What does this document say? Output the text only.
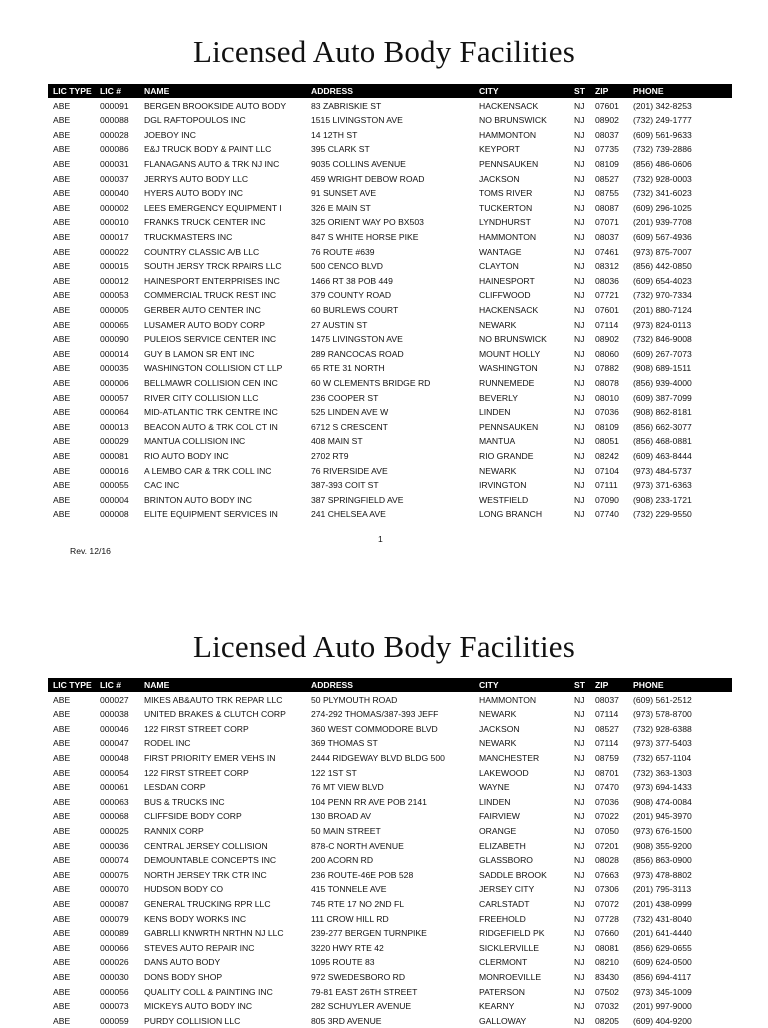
Licensed Auto Body Facilities
LIC TYPE LIC #	NAME	ADDRESS	CITY	ST	ZIP	PHONE
ABE	000091	BERGEN BROOKSIDE AUTO BODY	83 ZABRISKIE ST	HACKENSACK	NJ	07601	(201) 342-8253
ABE	000088	DGL RAFTOPOULOS INC	1515 LIVINGSTON AVE	NO BRUNSWICK	NJ	08902	(732) 249-1777
ABE	000028	JOEBOY INC	14 12TH ST	HAMMONTON	NJ	08037	(609) 561-9633
ABE	000086	E&J TRUCK BODY & PAINT LLC	395 CLARK ST	KEYPORT	NJ	07735	(732) 739-2886
ABE	000031	FLANAGANS AUTO & TRK NJ INC	9035 COLLINS AVENUE	PENNSAUKEN	NJ	08109	(856) 486-0606
ABE	000037	JERRYS AUTO BODY LLC	459 WRIGHT DEBOW ROAD	JACKSON	NJ	08527	(732) 928-0003
ABE	000040	HYERS AUTO BODY INC	91 SUNSET AVE	TOMS RIVER	NJ	08755	(732) 341-6023
ABE	000002	LEES EMERGENCY EQUIPMENT I	326 E MAIN ST	TUCKERTON	NJ	08087	(609) 296-1025
ABE	000010	FRANKS TRUCK CENTER INC	325 ORIENT WAY PO BX503	LYNDHURST	NJ	07071	(201) 939-7708
ABE	000017	TRUCKMASTERS INC	847 S WHITE HORSE PIKE	HAMMONTON	NJ	08037	(609) 567-4936
ABE	000022	COUNTRY CLASSIC A/B LLC	76 ROUTE #639	WANTAGE	NJ	07461	(973) 875-7007
ABE	000015	SOUTH JERSY TRCK RPAIRS LLC	500 CENCO BLVD	CLAYTON	NJ	08312	(856) 442-0850
ABE	000012	HAINESPORT ENTERPRISES INC	1466 RT 38 POB 449	HAINESPORT	NJ	08036	(609) 654-4023
ABE	000053	COMMERCIAL TRUCK REST INC	379 COUNTY ROAD	CLIFFWOOD	NJ	07721	(732) 970-7334
ABE	000005	GERBER AUTO CENTER INC	60 BURLEWS COURT	HACKENSACK	NJ	07601	(201) 880-7124
ABE	000065	LUSAMER AUTO BODY CORP	27 AUSTIN ST	NEWARK	NJ	07114	(973) 824-0113
ABE	000090	PULEIOS SERVICE CENTER INC	1475 LIVINGSTON AVE	NO BRUNSWICK	NJ	08902	(732) 846-9008
ABE	000014	GUY B LAMON SR ENT INC	289 RANCOCAS ROAD	MOUNT HOLLY	NJ	08060	(609) 267-7073
ABE	000035	WASHINGTON COLLISION CT LLP	65 RTE 31 NORTH	WASHINGTON	NJ	07882	(908) 689-1511
ABE	000006	BELLMAWR COLLISION CEN INC	60 W CLEMENTS BRIDGE RD	RUNNEMEDE	NJ	08078	(856) 939-4000
ABE	000057	RIVER CITY COLLISION LLC	236 COOPER ST	BEVERLY	NJ	08010	(609) 387-7099
ABE	000064	MID-ATLANTIC TRK CENTRE INC	525 LINDEN AVE W	LINDEN	NJ	07036	(908) 862-8181
ABE	000013	BEACON AUTO & TRK COL CT IN	6712 S CRESCENT	PENNSAUKEN	NJ	08109	(856) 662-3077
ABE	000029	MANTUA COLLISION INC	408 MAIN ST	MANTUA	NJ	08051	(856) 468-0881
ABE	000081	RIO AUTO BODY INC	2702 RT9	RIO GRANDE	NJ	08242	(609) 463-8444
ABE	000016	A LEMBO CAR & TRK COLL INC	76 RIVERSIDE AVE	NEWARK	NJ	07104	(973) 484-5737
ABE	000055	CAC INC	387-393 COIT ST	IRVINGTON	NJ	07111	(973) 371-6363
ABE	000004	BRINTON AUTO BODY INC	387 SPRINGFIELD AVE	WESTFIELD	NJ	07090	(908) 233-1721
ABE	000008	ELITE EQUIPMENT SERVICES IN	241 CHELSEA AVE	LONG BRANCH	NJ	07740	(732) 229-9550
1
Rev. 12/16
Licensed Auto Body Facilities
LIC TYPE LIC #	NAME	ADDRESS	CITY	ST	ZIP	PHONE
ABE	000027	MIKES AB&AUTO TRK REPAR LLC	50 PLYMOUTH ROAD	HAMMONTON	NJ	08037	(609) 561-2512
ABE	000038	UNITED BRAKES & CLUTCH CORP	274-292 THOMAS/387-393 JEFF	NEWARK	NJ	07114	(973) 578-8700
ABE	000046	122 FIRST STREET CORP	360 WEST COMMODORE BLVD	JACKSON	NJ	08527	(732) 928-6388
ABE	000047	RODEL INC	369 THOMAS ST	NEWARK	NJ	07114	(973) 377-5403
ABE	000048	FIRST PRIORITY EMER VEHS IN	2444 RIDGEWAY BLVD BLDG 500	MANCHESTER	NJ	08759	(732) 657-1104
ABE	000054	122 FIRST STREET CORP	122 1ST ST	LAKEWOOD	NJ	08701	(732) 363-1303
ABE	000061	LESDAN CORP	76 MT VIEW BLVD	WAYNE	NJ	07470	(973) 694-1433
ABE	000063	BUS & TRUCKS INC	104 PENN RR AVE POB 2141	LINDEN	NJ	07036	(908) 474-0084
ABE	000068	CLIFFSIDE BODY CORP	130 BROAD AV	FAIRVIEW	NJ	07022	(201) 945-3970
ABE	000025	RANNIX CORP	50 MAIN STREET	ORANGE	NJ	07050	(973) 676-1500
ABE	000036	CENTRAL JERSEY COLLISION	878-C NORTH AVENUE	ELIZABETH	NJ	07201	(908) 355-9200
ABE	000074	DEMOUNTABLE CONCEPTS INC	200 ACORN RD	GLASSBORO	NJ	08028	(856) 863-0900
ABE	000075	NORTH JERSEY TRK CTR INC	236 ROUTE-46E POB 528	SADDLE BROOK	NJ	07663	(973) 478-8802
ABE	000070	HUDSON BODY CO	415 TONNELE AVE	JERSEY CITY	NJ	07306	(201) 795-3113
ABE	000087	GENERAL TRUCKING RPR LLC	745 RTE 17 NO 2ND FL	CARLSTADT	NJ	07072	(201) 438-0999
ABE	000079	KENS BODY WORKS INC	111 CROW HILL RD	FREEHOLD	NJ	07728	(732) 431-8040
ABE	000089	GABRLLI KNWRTH NRTHN NJ LLC	239-277 BERGEN TURNPIKE	RIDGEFIELD PK	NJ	07660	(201) 641-4440
ABE	000066	STEVES AUTO REPAIR INC	3220 HWY RTE 42	SICKLERVILLE	NJ	08081	(856) 629-0655
ABE	000026	DANS AUTO BODY	1095 ROUTE 83	CLERMONT	NJ	08210	(609) 624-0500
ABE	000030	DONS BODY SHOP	972 SWEDESBORO RD	MONROEVILLE	NJ	83430	(856) 694-4117
ABE	000056	QUALITY COLL & PAINTING INC	79-81 EAST 26TH STREET	PATERSON	NJ	07502	(973) 345-1009
ABE	000073	MICKEYS AUTO BODY INC	282 SCHUYLER AVENUE	KEARNY	NJ	07032	(201) 997-9000
ABE	000059	PURDY COLLISION LLC	805 3RD AVENUE	GALLOWAY	NJ	08205	(609) 404-9200
